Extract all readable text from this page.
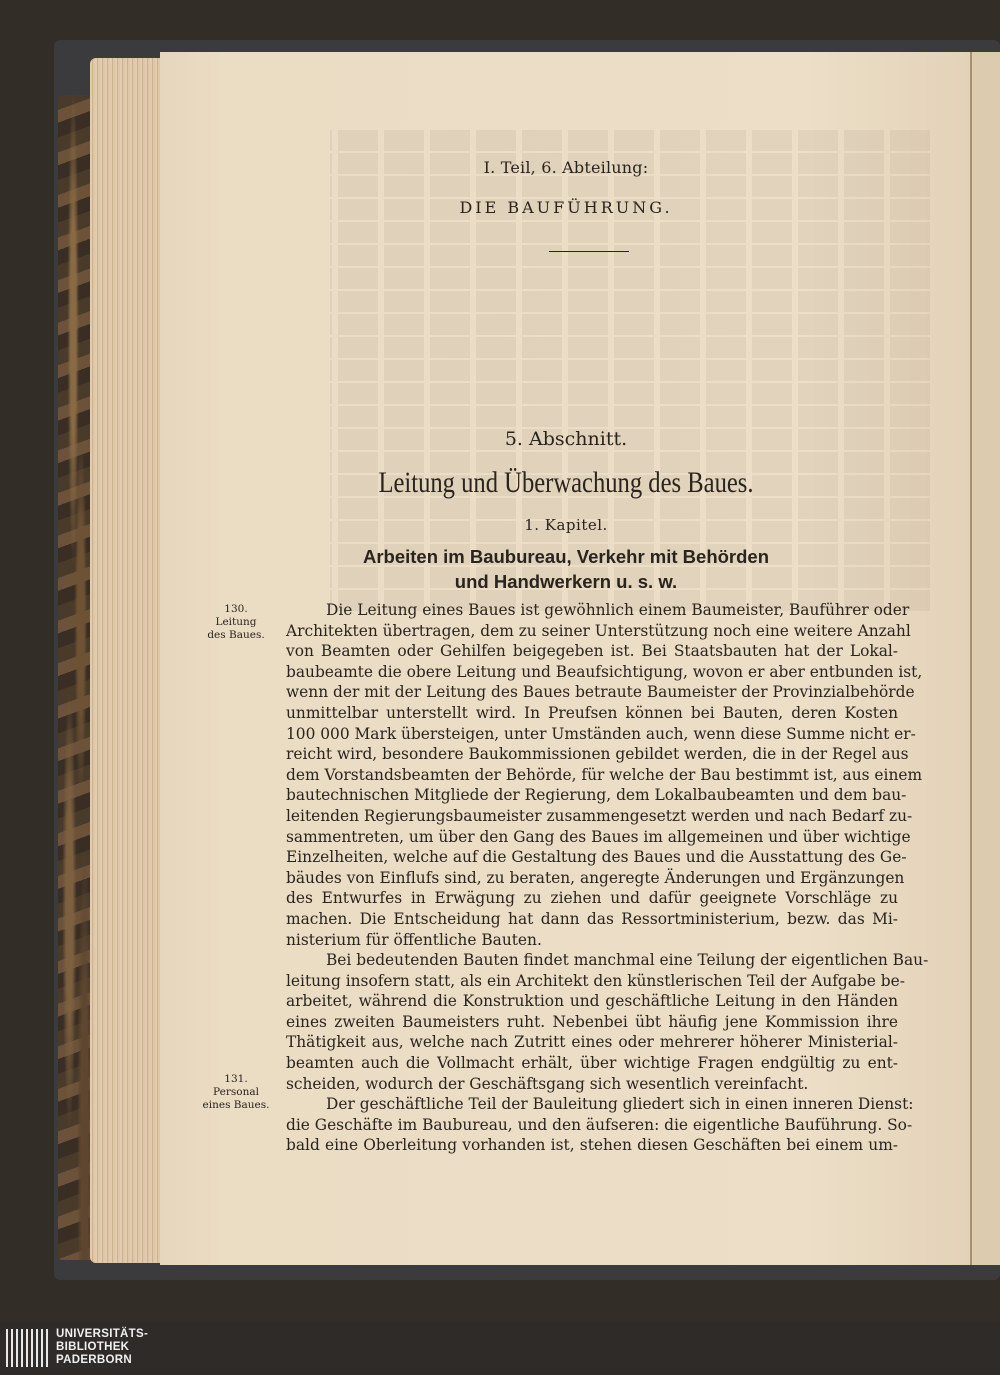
I. Teil, 6. Abteilung:
DIE BAUFÜHRUNG.
5. Abschnitt.
Leitung und Überwachung des Baues.
1. Kapitel.
Arbeiten im Baubureau, Verkehr mit Behörden
und Handwerkern u. s. w.
130.
Leitung
des Baues.
131.
Personal
eines Baues.
Die Leitung eines Baues ist gewöhnlich einem Baumeister, Bauführer oder
Architekten übertragen, dem zu seiner Unterstützung noch eine weitere Anzahl
von Beamten oder Gehilfen beigegeben ist. Bei Staatsbauten hat der Lokal-
baubeamte die obere Leitung und Beaufsichtigung, wovon er aber entbunden ist,
wenn der mit der Leitung des Baues betraute Baumeister der Provinzialbehörde
unmittelbar unterstellt wird. In Preufsen können bei Bauten, deren Kosten
100 000 Mark übersteigen, unter Umständen auch, wenn diese Summe nicht er-
reicht wird, besondere Baukommissionen gebildet werden, die in der Regel aus
dem Vorstandsbeamten der Behörde, für welche der Bau bestimmt ist, aus einem
bautechnischen Mitgliede der Regierung, dem Lokalbaubeamten und dem bau-
leitenden Regierungsbaumeister zusammengesetzt werden und nach Bedarf zu-
sammentreten, um über den Gang des Baues im allgemeinen und über wichtige
Einzelheiten, welche auf die Gestaltung des Baues und die Ausstattung des Ge-
bäudes von Einflufs sind, zu beraten, angeregte Änderungen und Ergänzungen
des Entwurfes in Erwägung zu ziehen und dafür geeignete Vorschläge zu
machen. Die Entscheidung hat dann das Ressortministerium, bezw. das Mi-
nisterium für öffentliche Bauten.
Bei bedeutenden Bauten findet manchmal eine Teilung der eigentlichen Bau-
leitung insofern statt, als ein Architekt den künstlerischen Teil der Aufgabe be-
arbeitet, während die Konstruktion und geschäftliche Leitung in den Händen
eines zweiten Baumeisters ruht. Nebenbei übt häufig jene Kommission ihre
Thätigkeit aus, welche nach Zutritt eines oder mehrerer höherer Ministerial-
beamten auch die Vollmacht erhält, über wichtige Fragen endgültig zu ent-
scheiden, wodurch der Geschäftsgang sich wesentlich vereinfacht.
Der geschäftliche Teil der Bauleitung gliedert sich in einen inneren Dienst:
die Geschäfte im Baubureau, und den äufseren: die eigentliche Bauführung. So-
bald eine Oberleitung vorhanden ist, stehen diesen Geschäften bei einem um-
UNIVERSITÄTS-
BIBLIOTHEK
PADERBORN
